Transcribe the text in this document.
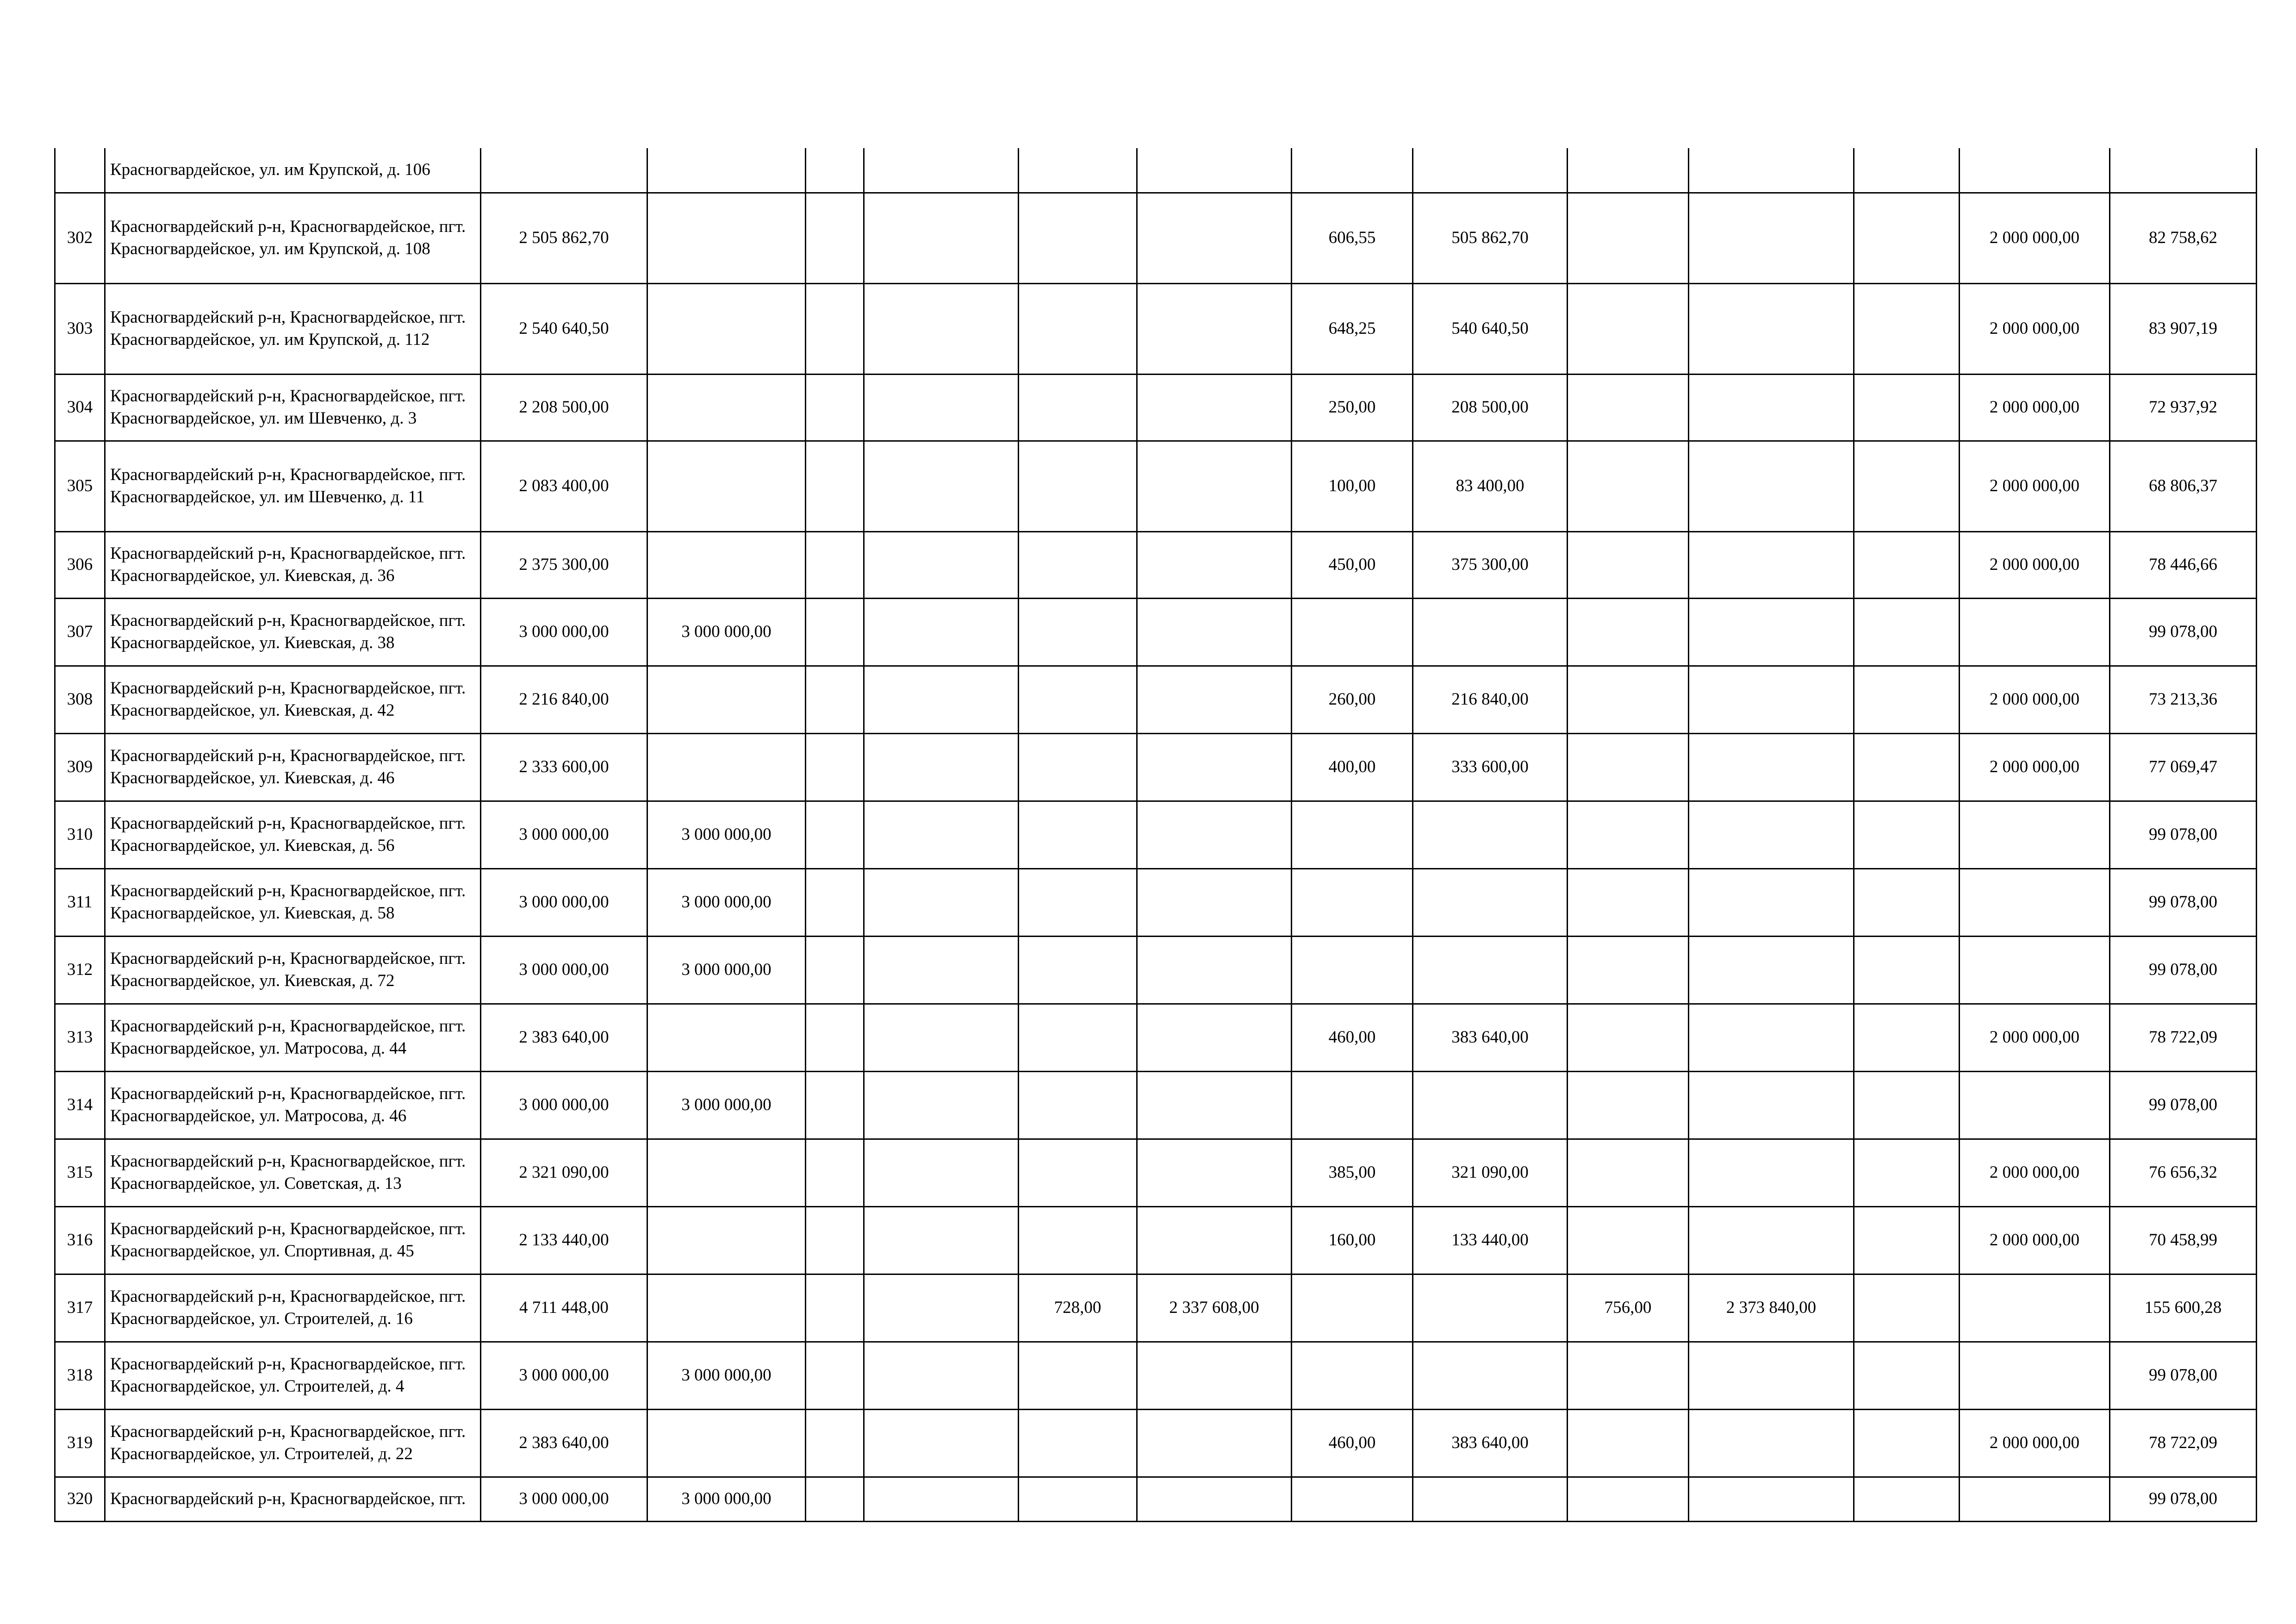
	Красногвардейское, ул. им Крупской, д. 106													
302	Красногвардейский р-н, Красногвардейское, пгт. Красногвардейское, ул. им Крупской, д. 108	2 505 862,70						606,55	505 862,70				2 000 000,00	82 758,62
303	Красногвардейский р-н, Красногвардейское, пгт. Красногвардейское, ул. им Крупской, д. 112	2 540 640,50						648,25	540 640,50				2 000 000,00	83 907,19
304	Красногвардейский р-н, Красногвардейское, пгт. Красногвардейское, ул. им Шевченко, д. 3	2 208 500,00						250,00	208 500,00				2 000 000,00	72 937,92
305	Красногвардейский р-н, Красногвардейское, пгт. Красногвардейское, ул. им Шевченко, д. 11	2 083 400,00						100,00	83 400,00				2 000 000,00	68 806,37
306	Красногвардейский р-н, Красногвардейское, пгт. Красногвардейское, ул. Киевская, д. 36	2 375 300,00						450,00	375 300,00				2 000 000,00	78 446,66
307	Красногвардейский р-н, Красногвардейское, пгт. Красногвардейское, ул. Киевская, д. 38	3 000 000,00	3 000 000,00											99 078,00
308	Красногвардейский р-н, Красногвардейское, пгт. Красногвардейское, ул. Киевская, д. 42	2 216 840,00						260,00	216 840,00				2 000 000,00	73 213,36
309	Красногвардейский р-н, Красногвардейское, пгт. Красногвардейское, ул. Киевская, д. 46	2 333 600,00						400,00	333 600,00				2 000 000,00	77 069,47
310	Красногвардейский р-н, Красногвардейское, пгт. Красногвардейское, ул. Киевская, д. 56	3 000 000,00	3 000 000,00											99 078,00
311	Красногвардейский р-н, Красногвардейское, пгт. Красногвардейское, ул. Киевская, д. 58	3 000 000,00	3 000 000,00											99 078,00
312	Красногвардейский р-н, Красногвардейское, пгт. Красногвардейское, ул. Киевская, д. 72	3 000 000,00	3 000 000,00											99 078,00
313	Красногвардейский р-н, Красногвардейское, пгт. Красногвардейское, ул. Матросова, д. 44	2 383 640,00						460,00	383 640,00				2 000 000,00	78 722,09
314	Красногвардейский р-н, Красногвардейское, пгт. Красногвардейское, ул. Матросова, д. 46	3 000 000,00	3 000 000,00											99 078,00
315	Красногвардейский р-н, Красногвардейское, пгт. Красногвардейское, ул. Советская, д. 13	2 321 090,00						385,00	321 090,00				2 000 000,00	76 656,32
316	Красногвардейский р-н, Красногвардейское, пгт. Красногвардейское, ул. Спортивная, д. 45	2 133 440,00						160,00	133 440,00				2 000 000,00	70 458,99
317	Красногвардейский р-н, Красногвардейское, пгт. Красногвардейское, ул. Строителей, д. 16	4 711 448,00				728,00	2 337 608,00			756,00	2 373 840,00			155 600,28
318	Красногвардейский р-н, Красногвардейское, пгт. Красногвардейское, ул. Строителей, д. 4	3 000 000,00	3 000 000,00											99 078,00
319	Красногвардейский р-н, Красногвардейское, пгт. Красногвардейское, ул. Строителей, д. 22	2 383 640,00						460,00	383 640,00				2 000 000,00	78 722,09
320	Красногвардейский р-н, Красногвардейское, пгт.	3 000 000,00	3 000 000,00											99 078,00
